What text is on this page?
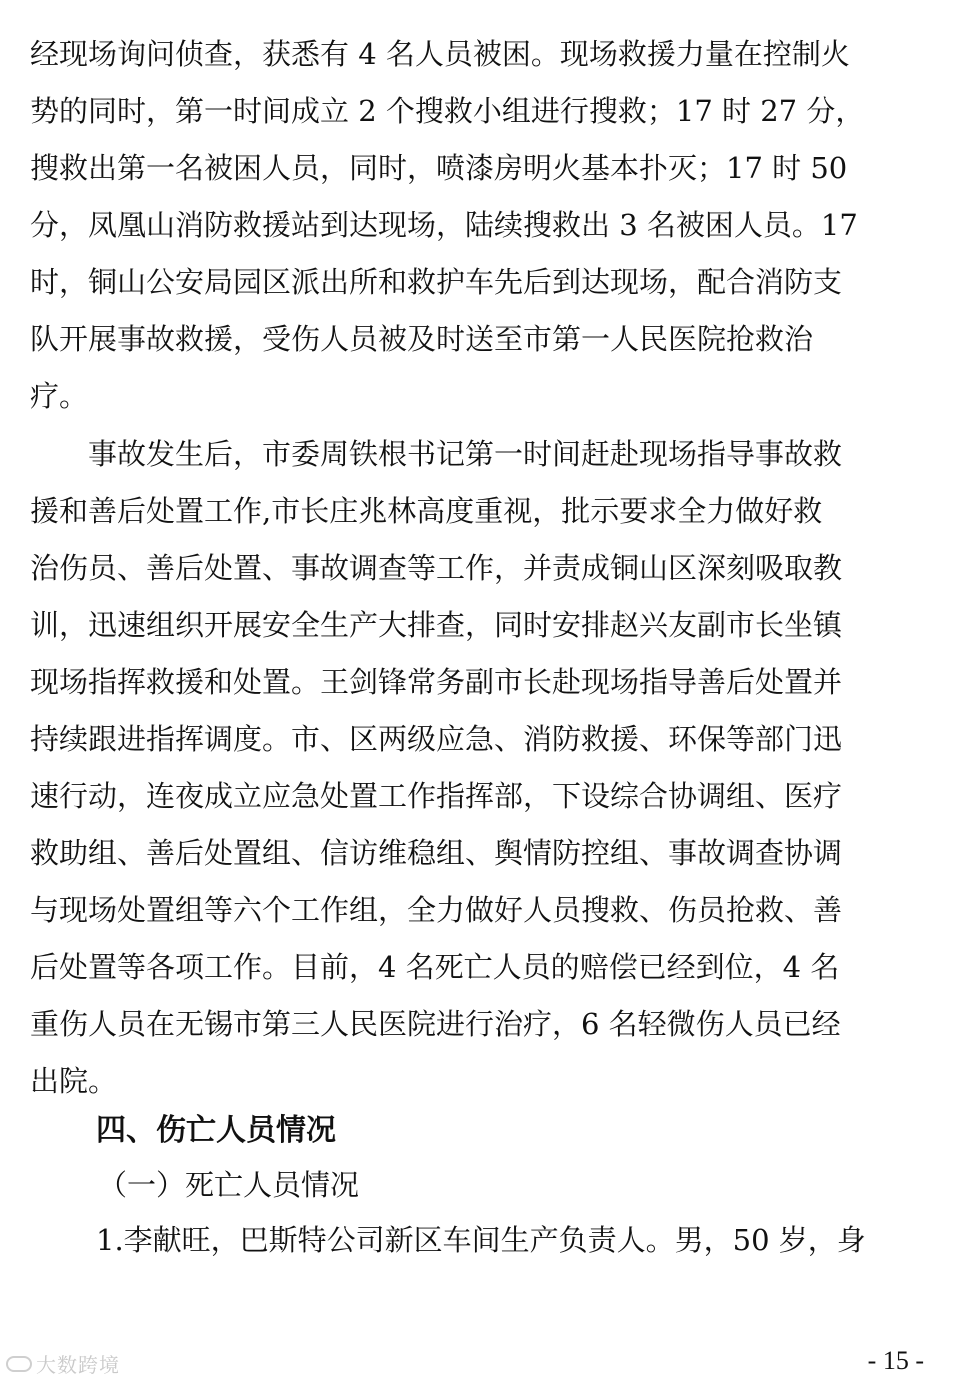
经现场询问侦查，获悉有 4 名人员被困。现场救援力量在控制火
势的同时，第一时间成立 2 个搜救小组进行搜救；17 时 27 分，
搜救出第一名被困人员，同时，喷漆房明火基本扑灭；17 时 50
分，凤凰山消防救援站到达现场，陆续搜救出 3 名被困人员。17
时，铜山公安局园区派出所和救护车先后到达现场，配合消防支
队开展事故救援，受伤人员被及时送至市第一人民医院抢救治
疗。
　　事故发生后，市委周铁根书记第一时间赶赴现场指导事故救
援和善后处置工作,市长庄兆林高度重视，批示要求全力做好救
治伤员、善后处置、事故调查等工作，并责成铜山区深刻吸取教
训，迅速组织开展安全生产大排查，同时安排赵兴友副市长坐镇
现场指挥救援和处置。王剑锋常务副市长赴现场指导善后处置并
持续跟进指挥调度。市、区两级应急、消防救援、环保等部门迅
速行动，连夜成立应急处置工作指挥部，下设综合协调组、医疗
救助组、善后处置组、信访维稳组、舆情防控组、事故调查协调
与现场处置组等六个工作组，全力做好人员搜救、伤员抢救、善
后处置等各项工作。目前，4 名死亡人员的赔偿已经到位，4 名
重伤人员在无锡市第三人民医院进行治疗，6 名轻微伤人员已经
出院。
四、伤亡人员情况
（一）死亡人员情况
1.李献旺，巴斯特公司新区车间生产负责人。男，50 岁，身
大数跨境	- 15 -
